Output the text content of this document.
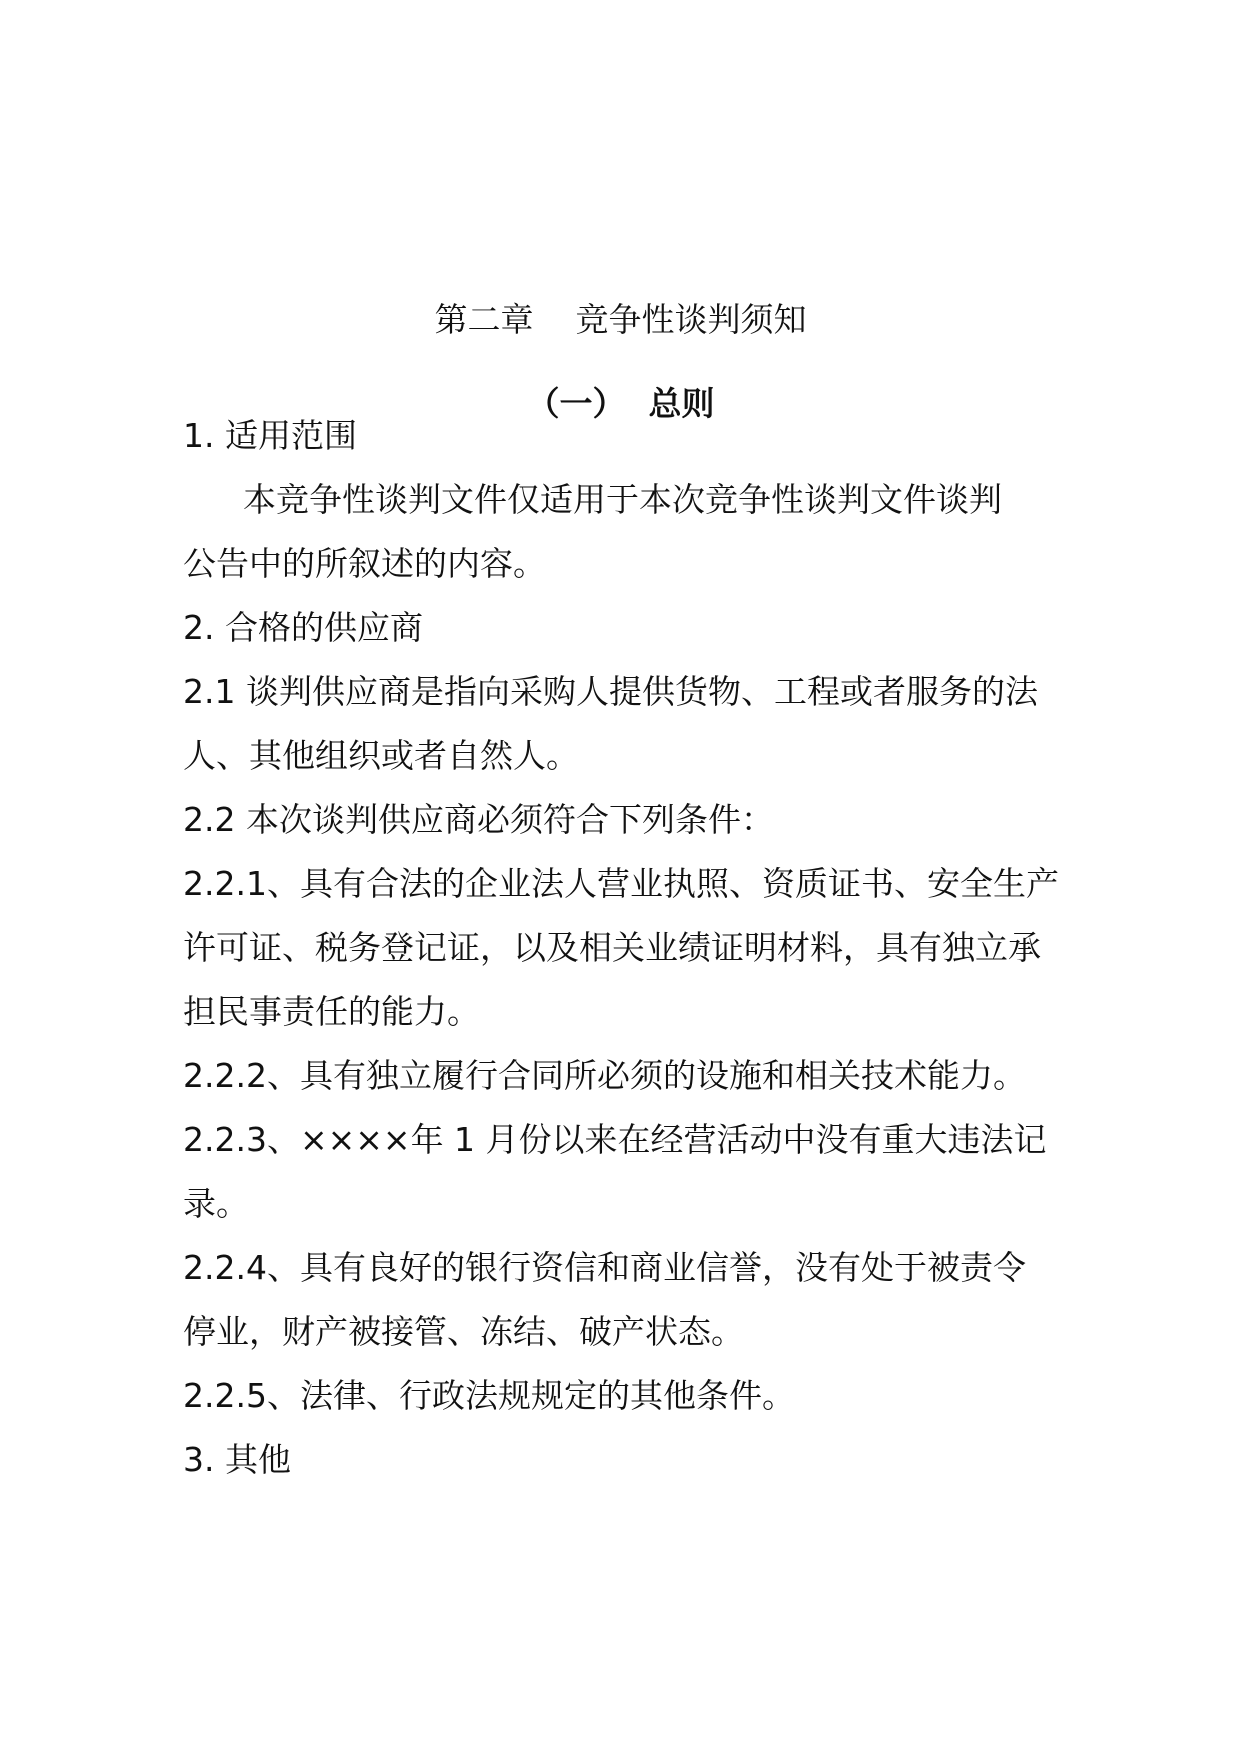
第二章    竞争性谈判须知
（一）  总则
1. 适用范围
本竞争性谈判文件仅适用于本次竞争性谈判文件谈判
公告中的所叙述的内容。
2. 合格的供应商
2.1 谈判供应商是指向采购人提供货物、工程或者服务的法
人、其他组织或者自然人。
2.2 本次谈判供应商必须符合下列条件：
2.2.1、具有合法的企业法人营业执照、资质证书、安全生产
许可证、税务登记证，以及相关业绩证明材料，具有独立承
担民事责任的能力。
2.2.2、具有独立履行合同所必须的设施和相关技术能力。
2.2.3、××××年 1 月份以来在经营活动中没有重大违法记
录。
2.2.4、具有良好的银行资信和商业信誉，没有处于被责令
停业，财产被接管、冻结、破产状态。
2.2.5、法律、行政法规规定的其他条件。
3. 其他
